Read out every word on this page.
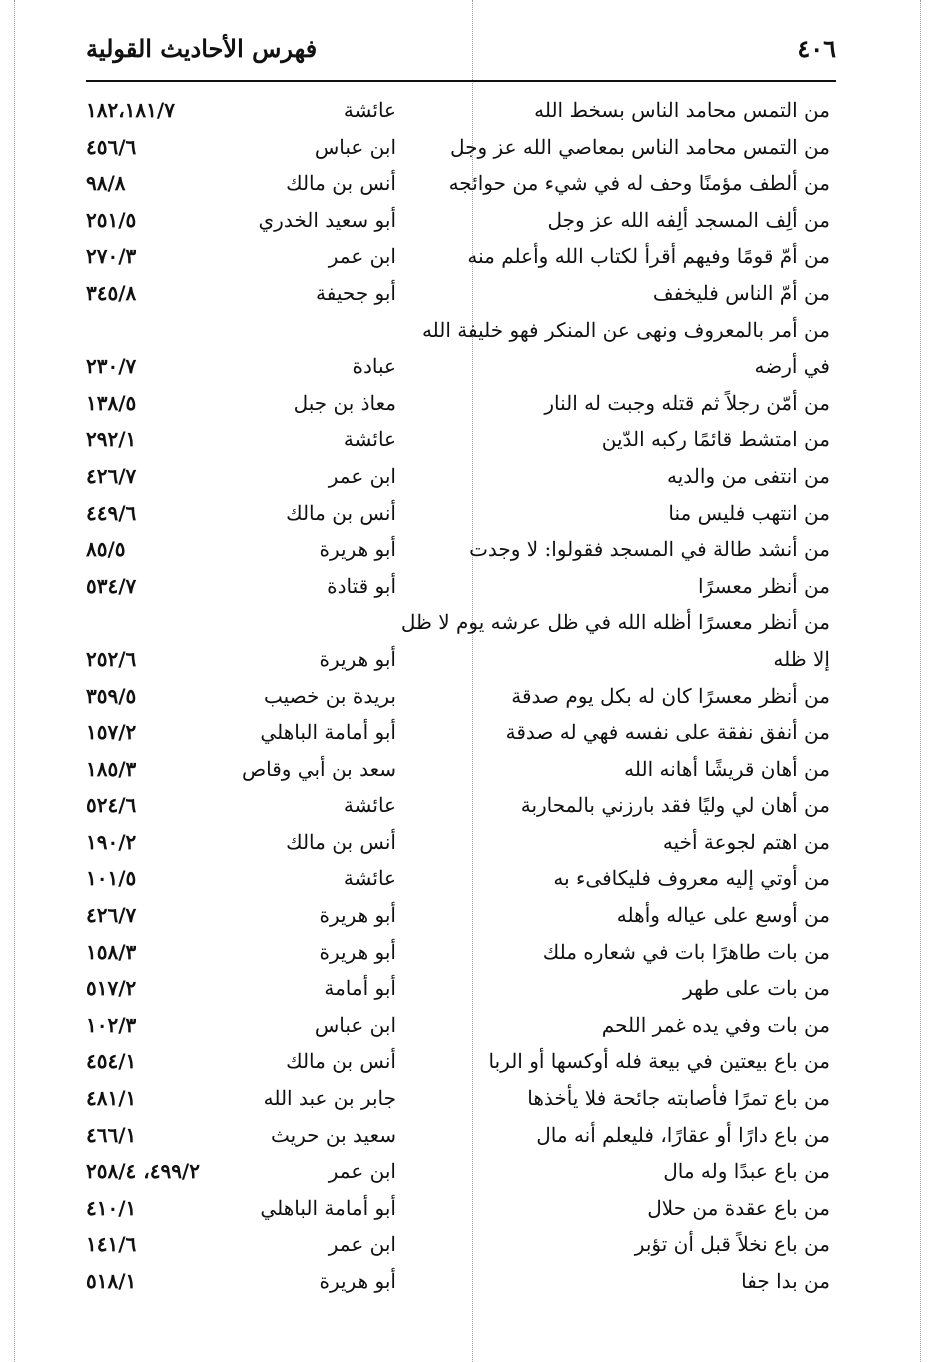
٤٠٦
فهرس الأحاديث القولية
من التمس محامد الناس بسخط الله
عائشة
١٨٢،١٨١/٧
من التمس محامد الناس بمعاصي الله عز وجل
ابن عباس
٤٥٦/٦
من ألطف مؤمنًا وحف له في شيء من حوائجه
أنس بن مالك
٩٨/٨
من ألِف المسجد ألِفه الله عز وجل
أبو سعيد الخدري
٢٥١/٥
من أمّ قومًا وفيهم أقرأ لكتاب الله وأعلم منه
ابن عمر
٢٧٠/٣
من أمّ الناس فليخفف
أبو جحيفة
٣٤٥/٨
من أمر بالمعروف ونهى عن المنكر فهو خليفة الله
في أرضه
عبادة
٢٣٠/٧
من أمّن رجلاً ثم قتله وجبت له النار
معاذ بن جبل
١٣٨/٥
من امتشط قائمًا ركبه الدّين
عائشة
٢٩٢/١
من انتفى من والديه
ابن عمر
٤٢٦/٧
من انتهب فليس منا
أنس بن مالك
٤٤٩/٦
من أنشد طالة في المسجد فقولوا: لا وجدت
أبو هريرة
٨٥/٥
من أنظر معسرًا
أبو قتادة
٥٣٤/٧
من أنظر معسرًا أظله الله في ظل عرشه يوم لا ظل
إلا ظله
أبو هريرة
٢٥٢/٦
من أنظر معسرًا كان له بكل يوم صدقة
بريدة بن خصيب
٣٥٩/٥
من أنفق نفقة على نفسه فهي له صدقة
أبو أمامة الباهلي
١٥٧/٢
من أهان قريشًا أهانه الله
سعد بن أبي وقاص
١٨٥/٣
من أهان لي وليًا فقد بارزني بالمحاربة
عائشة
٥٢٤/٦
من اهتم لجوعة أخيه
أنس بن مالك
١٩٠/٢
من أوتي إليه معروف فليكافىء به
عائشة
١٠١/٥
من أوسع على عياله وأهله
أبو هريرة
٤٢٦/٧
من بات طاهرًا بات في شعاره ملك
أبو هريرة
١٥٨/٣
من بات على طهر
أبو أمامة
٥١٧/٢
من بات وفي يده غمر اللحم
ابن عباس
١٠٢/٣
من باع بيعتين في بيعة فله أوكسها أو الربا
أنس بن مالك
٤٥٤/١
من باع تمرًا فأصابته جائحة فلا يأخذها
جابر بن عبد الله
٤٨١/١
من باع دارًا أو عقارًا، فليعلم أنه مال
سعيد بن حريث
٤٦٦/١
من باع عبدًا وله مال
ابن عمر
٤٩٩/٢، ٢٥٨/٤
من باع عقدة من حلال
أبو أمامة الباهلي
٤١٠/١
من باع نخلاً قبل أن تؤبر
ابن عمر
١٤١/٦
من بدا جفا
أبو هريرة
٥١٨/١
